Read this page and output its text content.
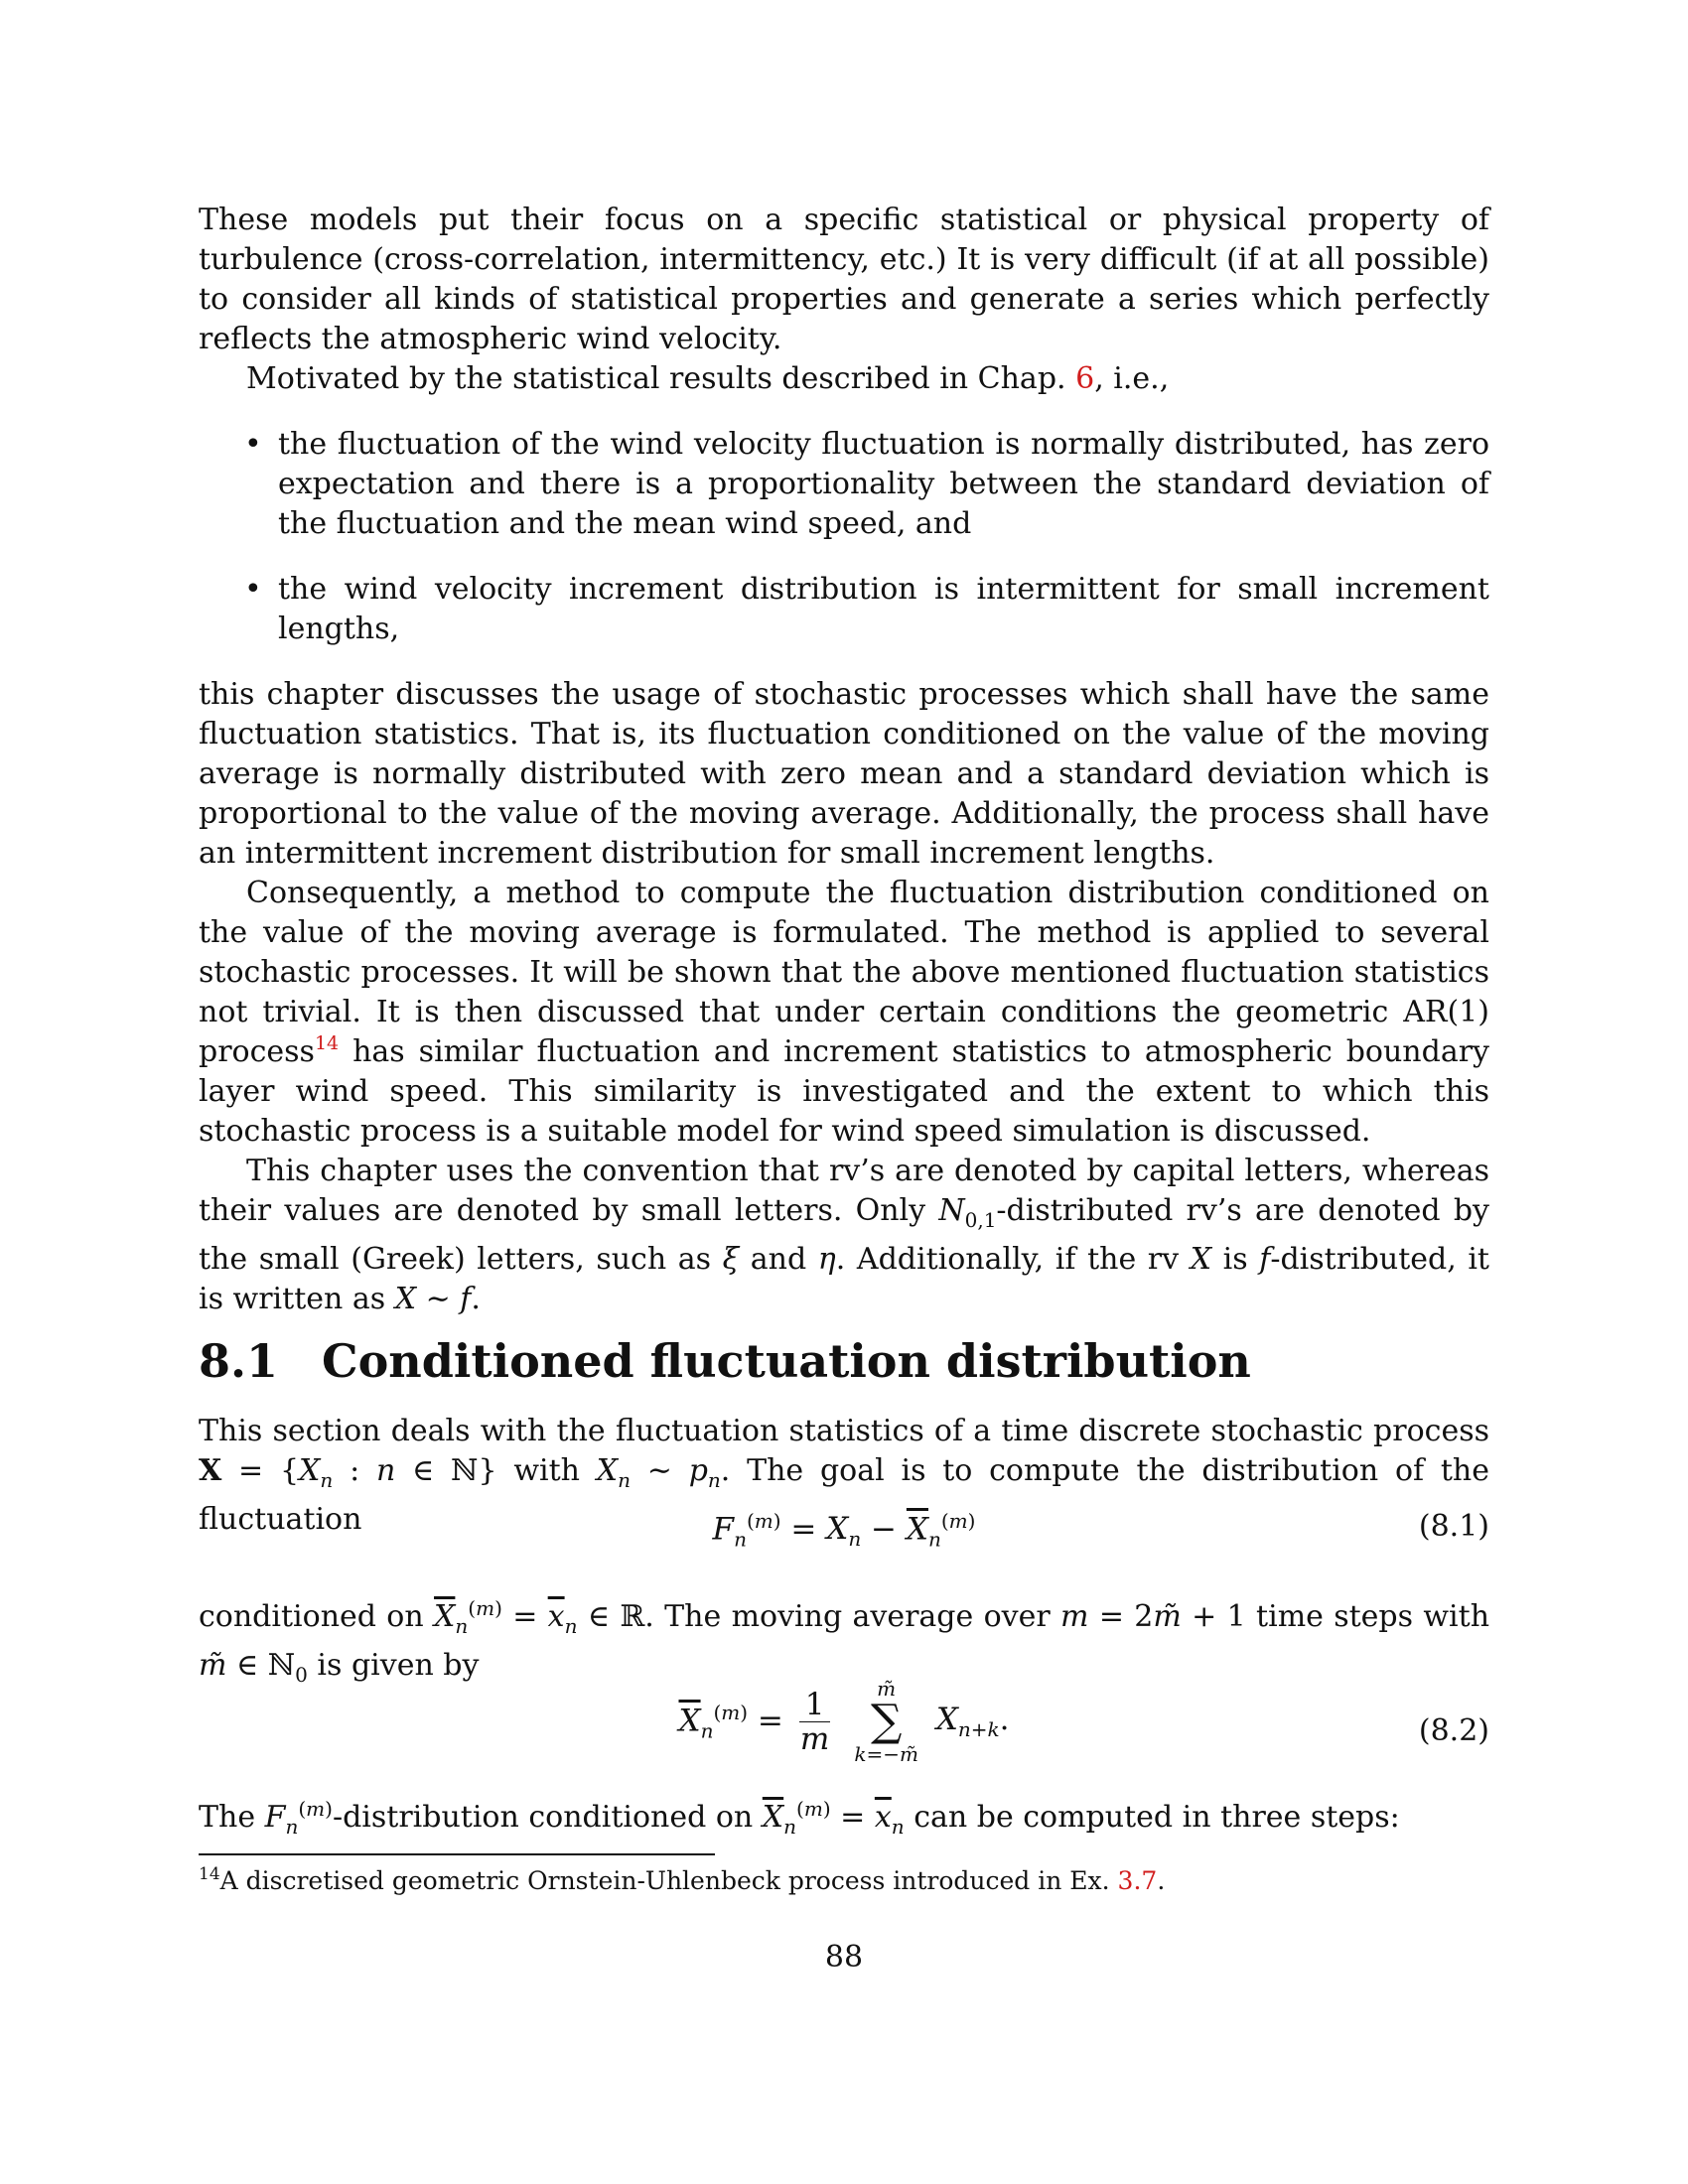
These models put their focus on a specific statistical or physical property of turbulence (cross-correlation, intermittency, etc.) It is very difficult (if at all possible) to consider all kinds of statistical properties and generate a series which perfectly reflects the atmospheric wind velocity.

Motivated by the statistical results described in Chap. 6, i.e.,

• the fluctuation of the wind velocity fluctuation is normally distributed, has zero expectation and there is a proportionality between the standard deviation of the fluctuation and the mean wind speed, and
• the wind velocity increment distribution is intermittent for small increment lengths,

this chapter discusses the usage of stochastic processes which shall have the same fluctuation statistics. That is, its fluctuation conditioned on the value of the moving average is normally distributed with zero mean and a standard deviation which is proportional to the value of the moving average. Additionally, the process shall have an intermittent increment distribution for small increment lengths.

Consequently, a method to compute the fluctuation distribution conditioned on the value of the moving average is formulated. The method is applied to several stochastic processes. It will be shown that the above mentioned fluctuation statistics not trivial. It is then discussed that under certain conditions the geometric AR(1) process$^{14}$ has similar fluctuation and increment statistics to atmospheric boundary layer wind speed. This similarity is investigated and the extent to which this stochastic process is a suitable model for wind speed simulation is discussed.

This chapter uses the convention that rv’s are denoted by capital letters, whereas their values are denoted by small letters. Only $N_{0,1}$-distributed rv’s are denoted by the small (Greek) letters, such as ξ and η. Additionally, if the rv X is f-distributed, it is written as X ∼ f.

8.1 Conditioned fluctuation distribution

This section deals with the fluctuation statistics of a time discrete stochastic process $X = \{X_n$ : n ∈ ℕ} with $X_n$ ∼ $p_n$. The goal is to compute the distribution of the fluctuation	$F_n^{(m)} = X_n - \overline{X}_n^{(m)}$	(8.1)

conditioned on $\overline{X}_n^{(m)} = \overline{x}_n$ ∈ ℝ. The moving average over m = 2m̃ + 1 time steps with m̃ ∈ ℕ$_0$ is given by

$\overline{X}_n^{(m)} = \frac{1}{m}$
	m̃
∑
k=−m̃
$X_{n+k}$.	(8.2)

The $F_n^{(m)}$-distribution conditioned on $\overline{X}_n^{(m)} = \overline{x}_n$ can be computed in three steps:

$^{14}$A discretised geometric Ornstein-Uhlenbeck process introduced in Ex. 3.7.
88
